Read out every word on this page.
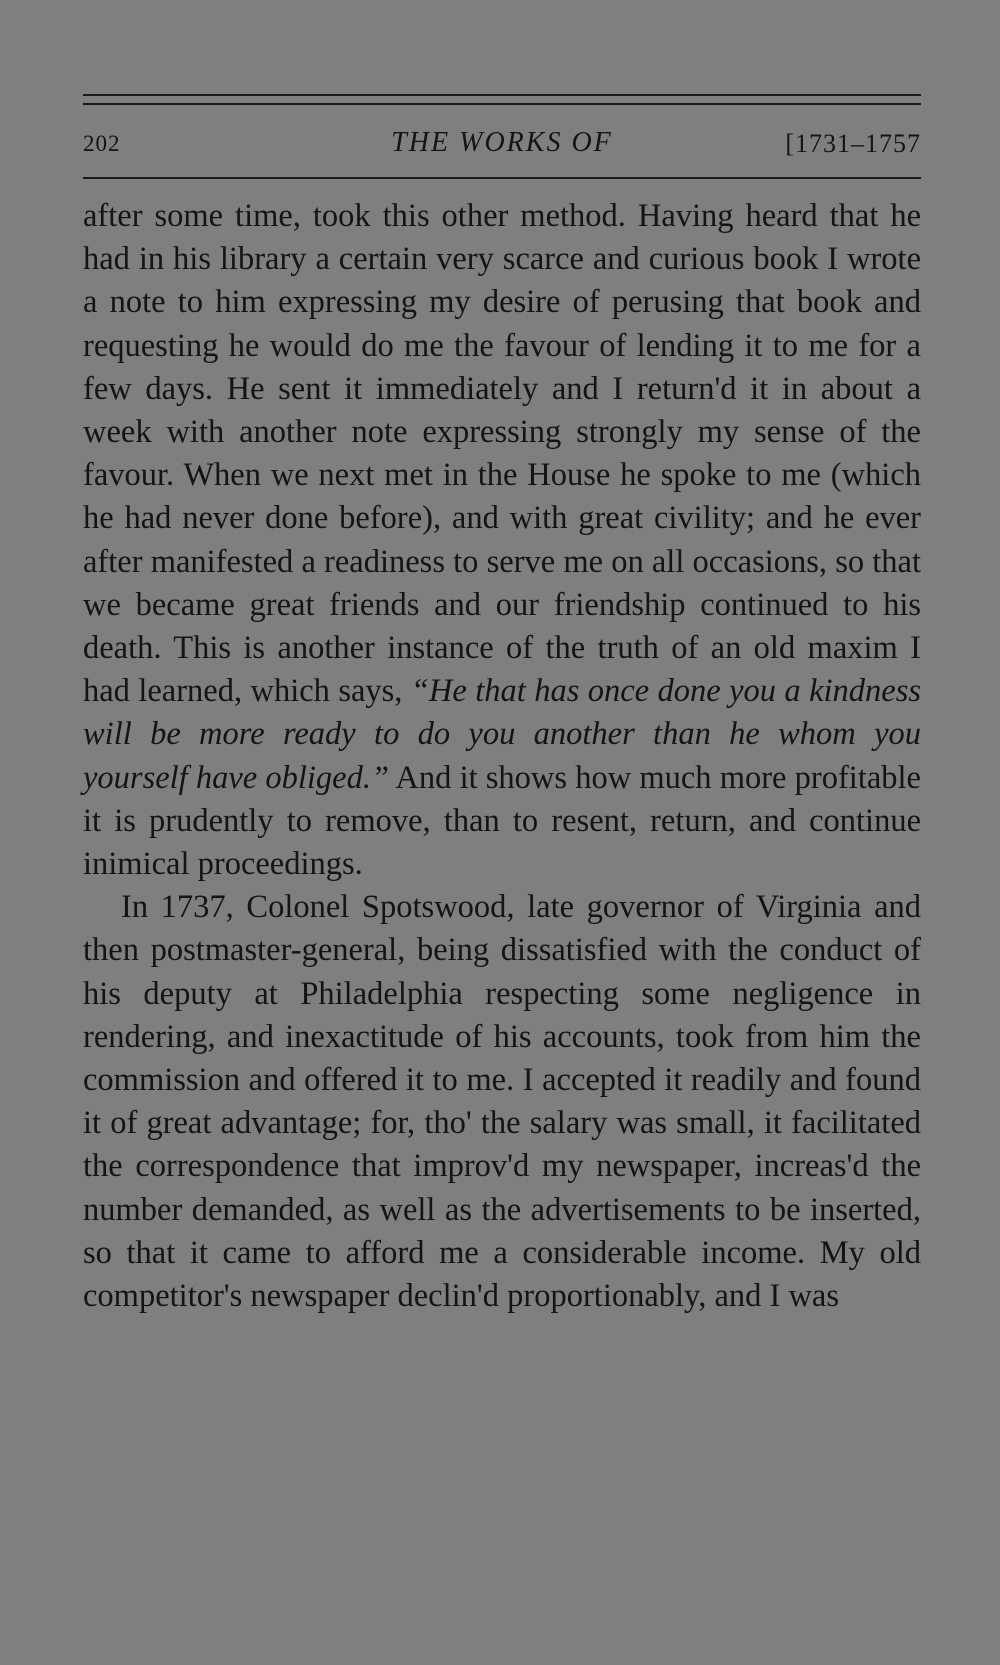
202	THE WORKS OF	[1731–1757

after some time, took this other method. Having heard that he had in his library a certain very scarce and curious book I wrote a note to him expressing my desire of perusing that book and requesting he would do me the favour of lending it to me for a few days. He sent it immediately and I return'd it in about a week with another note expressing strongly my sense of the favour. When we next met in the House he spoke to me (which he had never done before), and with great civility; and he ever after manifested a readiness to serve me on all occasions, so that we became great friends and our friendship continued to his death. This is another instance of the truth of an old maxim I had learned, which says, “He that has once done you a kindness will be more ready to do you another than he whom you yourself have obliged.” And it shows how much more profitable it is prudently to remove, than to resent, return, and continue inimical proceedings.

In 1737, Colonel Spotswood, late governor of Virginia and then postmaster-general, being dissatisfied with the conduct of his deputy at Philadelphia respecting some negligence in rendering, and inexactitude of his accounts, took from him the commission and offered it to me. I accepted it readily and found it of great advantage; for, tho' the salary was small, it facilitated the correspondence that improv'd my newspaper, increas'd the number demanded, as well as the advertisements to be inserted, so that it came to afford me a considerable income. My old competitor's newspaper declin'd proportionably, and I was
